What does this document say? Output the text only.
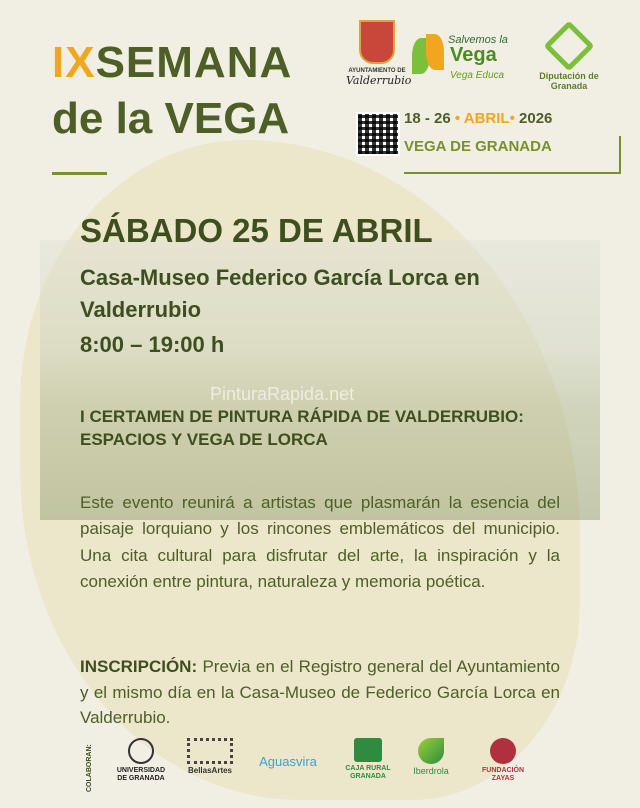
IXSEMANA
de la VEGA
AYUNTAMIENTO DE
Valderrubio
Salvemos la
Vega
Vega Educa	Diputación de Granada
18 - 26 • ABRIL• 2026
VEGA DE GRANADA
SÁBADO 25 DE ABRIL
Casa-Museo Federico García Lorca en Valderrubio
8:00 – 19:00 h
PinturaRapida.net
I CERTAMEN DE PINTURA RÁPIDA DE VALDERRUBIO: ESPACIOS Y VEGA DE LORCA
Este evento reunirá a artistas que plasmarán la esencia del paisaje lorquiano y los rincones emblemáticos del municipio. Una cita cultural para disfrutar del arte, la inspiración y la conexión entre pintura, naturaleza y memoria poética.
INSCRIPCIÓN: Previa en el Registro general del Ayuntamiento y el mismo día en la Casa-Museo de Federico García Lorca en Valderrubio.
COLABORAN:	UNIVERSIDAD DE GRANADA
BellasArtes
Aguasvira	CAJA RURAL GRANADA
Iberdrola	FUNDACIÓN ZAYAS
